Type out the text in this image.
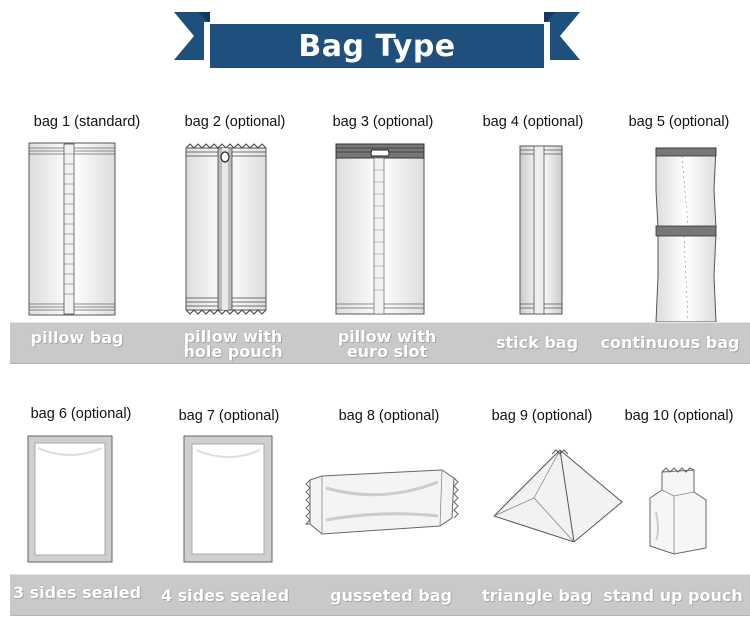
Bag Type
bag 1 (standard)	bag 2 (optional)	bag 3 (optional)	bag 4 (optional)	bag 5 (optional)
pillow bag	pillow with
hole pouch
pillow with
euro slot	stick bag	continuous bag
bag 6 (optional)	bag 7 (optional)	bag 8 (optional)	bag 9 (optional)	bag 10 (optional)
3 sides sealed	4 sides sealed	gusseted bag	triangle bag stand up pouch
